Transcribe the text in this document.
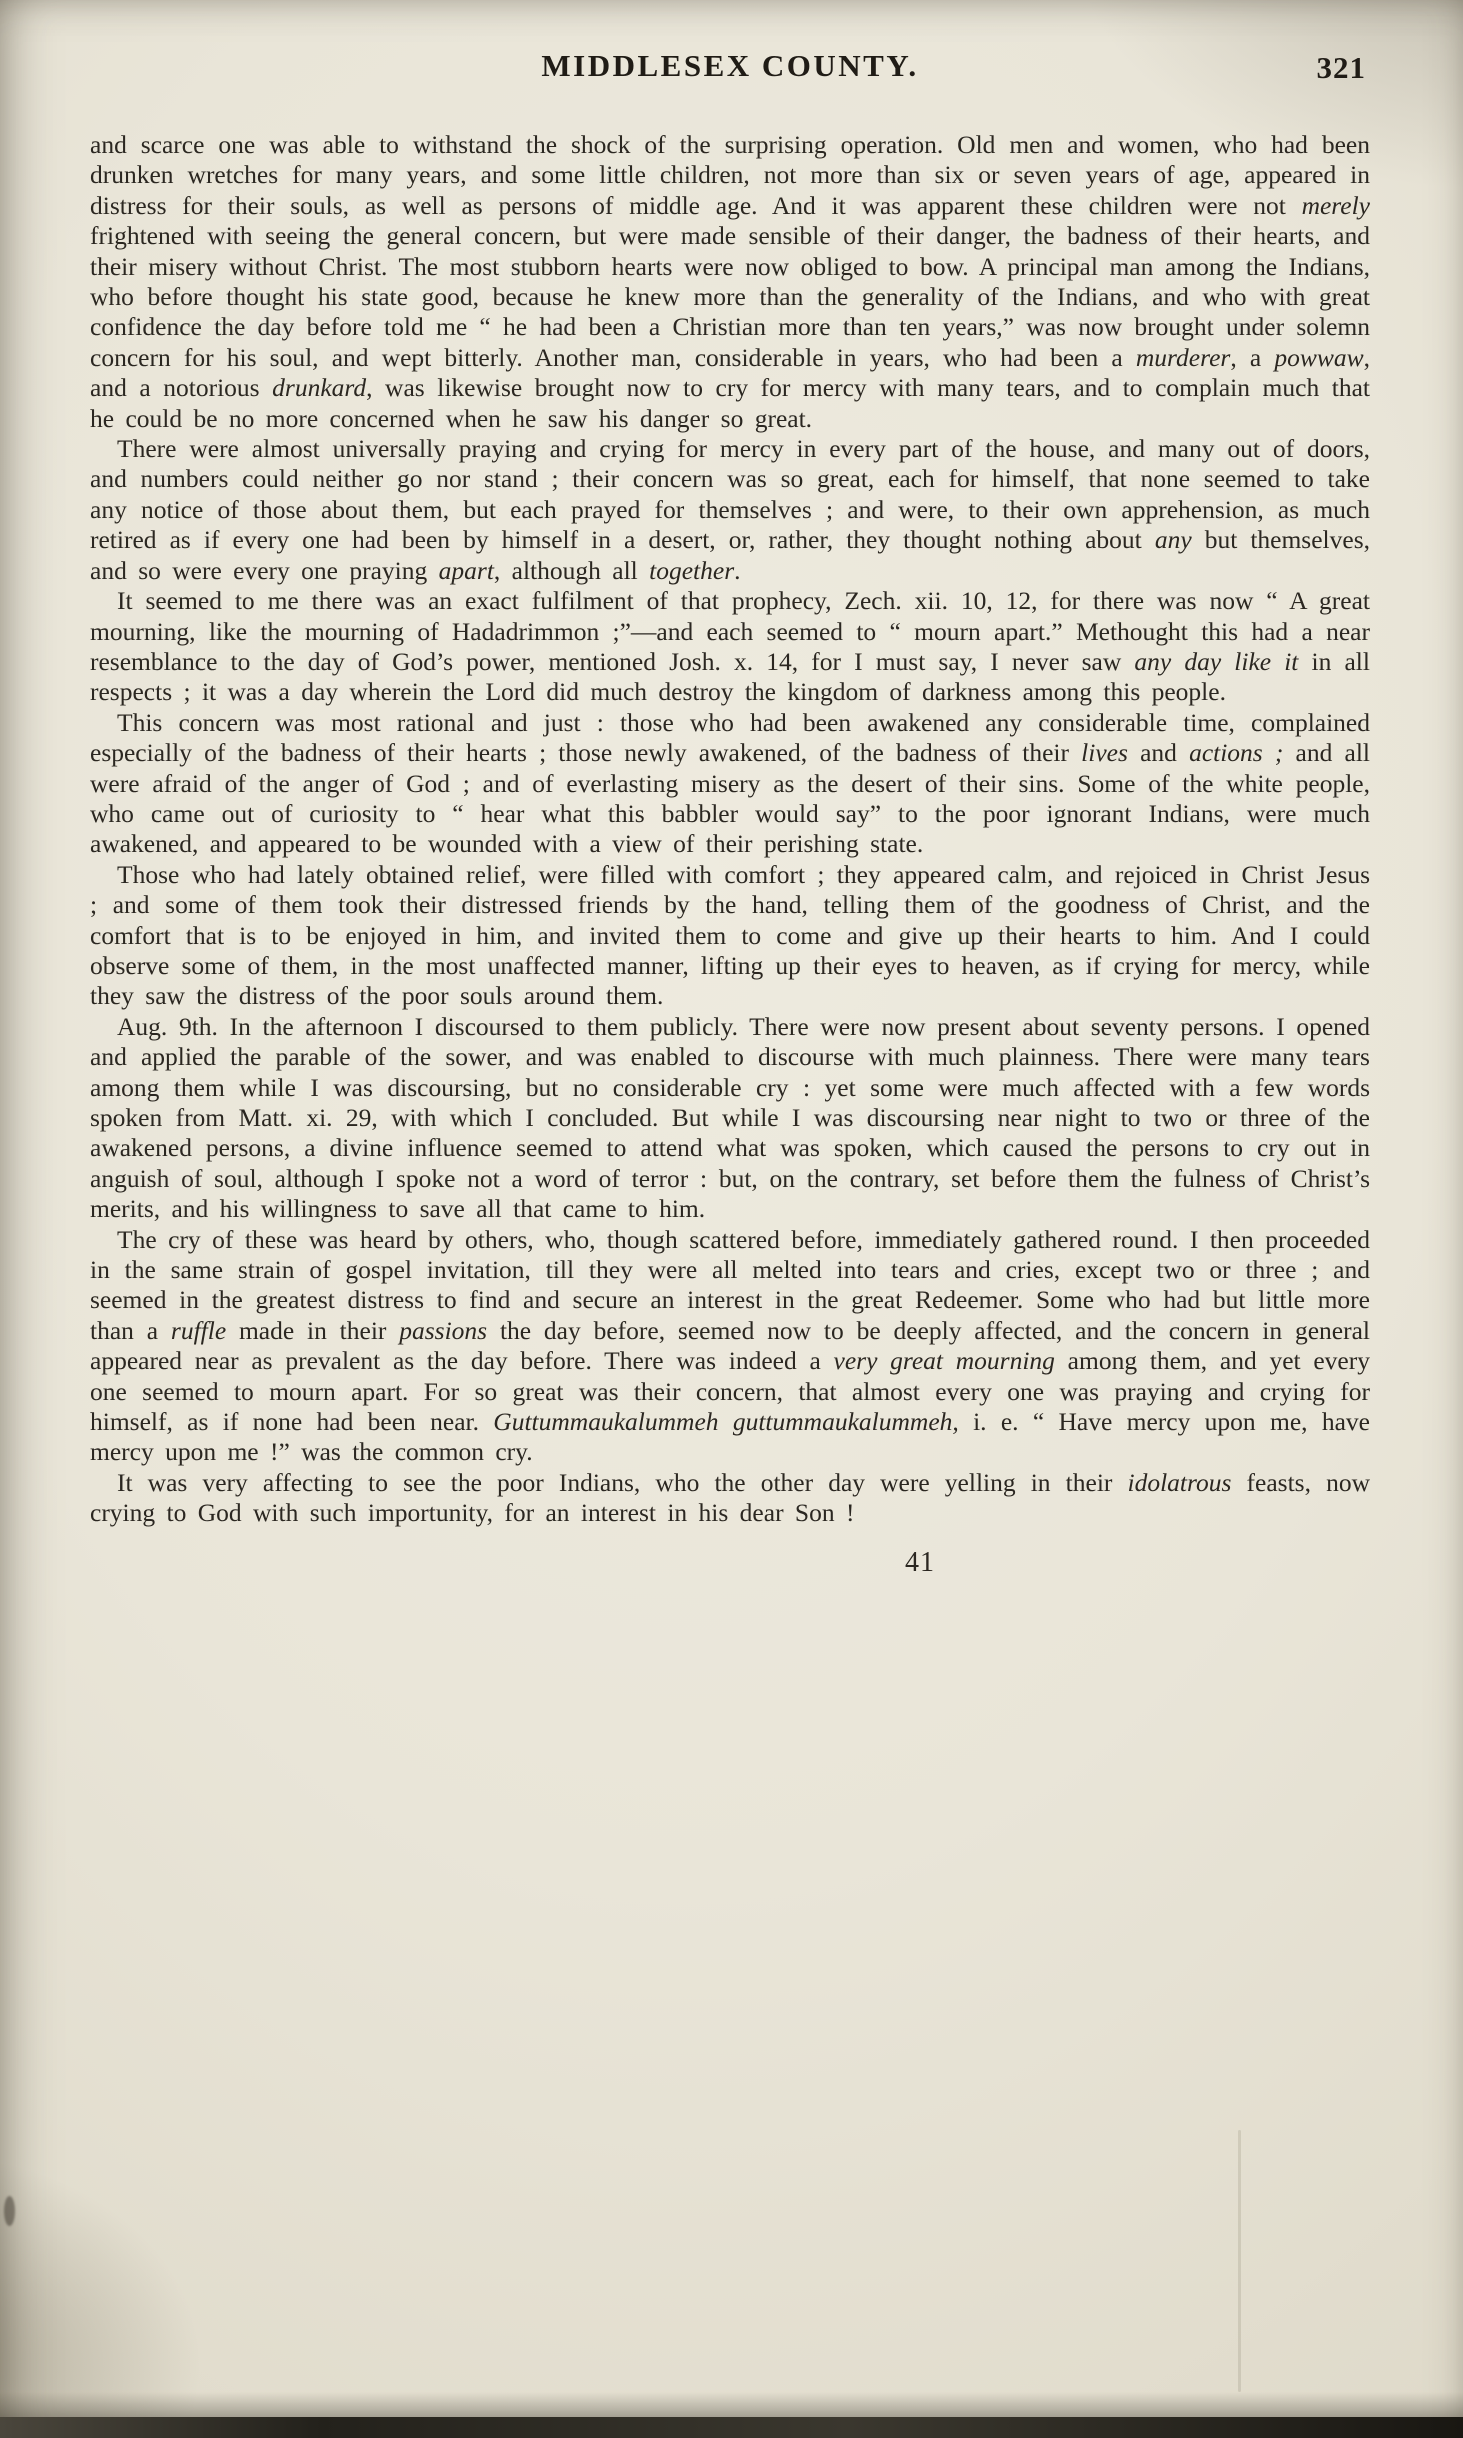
MIDDLESEX COUNTY.	321

and scarce one was able to withstand the shock of the surprising operation. Old men and women, who had been drunken wretches for many years, and some little children, not more than six or seven years of age, appeared in distress for their souls, as well as persons of middle age. And it was apparent these children were not merely frightened with seeing the general concern, but were made sensible of their danger, the badness of their hearts, and their misery without Christ. The most stubborn hearts were now obliged to bow. A principal man among the Indians, who before thought his state good, because he knew more than the generality of the Indians, and who with great confidence the day before told me “ he had been a Christian more than ten years,” was now brought under solemn concern for his soul, and wept bitterly. Another man, considerable in years, who had been a murderer, a powwaw, and a notorious drunkard, was likewise brought now to cry for mercy with many tears, and to complain much that he could be no more concerned when he saw his danger so great.

There were almost universally praying and crying for mercy in every part of the house, and many out of doors, and numbers could neither go nor stand ; their concern was so great, each for himself, that none seemed to take any notice of those about them, but each prayed for themselves ; and were, to their own apprehension, as much retired as if every one had been by himself in a desert, or, rather, they thought nothing about any but themselves, and so were every one praying apart, although all together.

It seemed to me there was an exact fulfilment of that prophecy, Zech. xii. 10, 12, for there was now “ A great mourning, like the mourning of Hadadrimmon ;”—and each seemed to “ mourn apart.” Methought this had a near resemblance to the day of God’s power, mentioned Josh. x. 14, for I must say, I never saw any day like it in all respects ; it was a day wherein the Lord did much destroy the kingdom of darkness among this people.

This concern was most rational and just : those who had been awakened any considerable time, complained especially of the badness of their hearts ; those newly awakened, of the badness of their lives and actions ; and all were afraid of the anger of God ; and of everlasting misery as the desert of their sins. Some of the white people, who came out of curiosity to “ hear what this babbler would say” to the poor ignorant Indians, were much awakened, and appeared to be wounded with a view of their perishing state.

Those who had lately obtained relief, were filled with comfort ; they appeared calm, and rejoiced in Christ Jesus ; and some of them took their distressed friends by the hand, telling them of the goodness of Christ, and the comfort that is to be enjoyed in him, and invited them to come and give up their hearts to him. And I could observe some of them, in the most unaffected manner, lifting up their eyes to heaven, as if crying for mercy, while they saw the distress of the poor souls around them.

Aug. 9th. In the afternoon I discoursed to them publicly. There were now present about seventy persons. I opened and applied the parable of the sower, and was enabled to discourse with much plainness. There were many tears among them while I was discoursing, but no considerable cry : yet some were much affected with a few words spoken from Matt. xi. 29, with which I concluded. But while I was discoursing near night to two or three of the awakened persons, a divine influence seemed to attend what was spoken, which caused the persons to cry out in anguish of soul, although I spoke not a word of terror : but, on the contrary, set before them the fulness of Christ’s merits, and his willingness to save all that came to him.

The cry of these was heard by others, who, though scattered before, immediately gathered round. I then proceeded in the same strain of gospel invitation, till they were all melted into tears and cries, except two or three ; and seemed in the greatest distress to find and secure an interest in the great Redeemer. Some who had but little more than a ruffle made in their passions the day before, seemed now to be deeply affected, and the concern in general appeared near as prevalent as the day before. There was indeed a very great mourning among them, and yet every one seemed to mourn apart. For so great was their concern, that almost every one was praying and crying for himself, as if none had been near. Guttummaukalummeh guttummaukalummeh, i. e. “ Have mercy upon me, have mercy upon me !” was the common cry.

It was very affecting to see the poor Indians, who the other day were yelling in their idolatrous feasts, now crying to God with such importunity, for an interest in his dear Son !

41
